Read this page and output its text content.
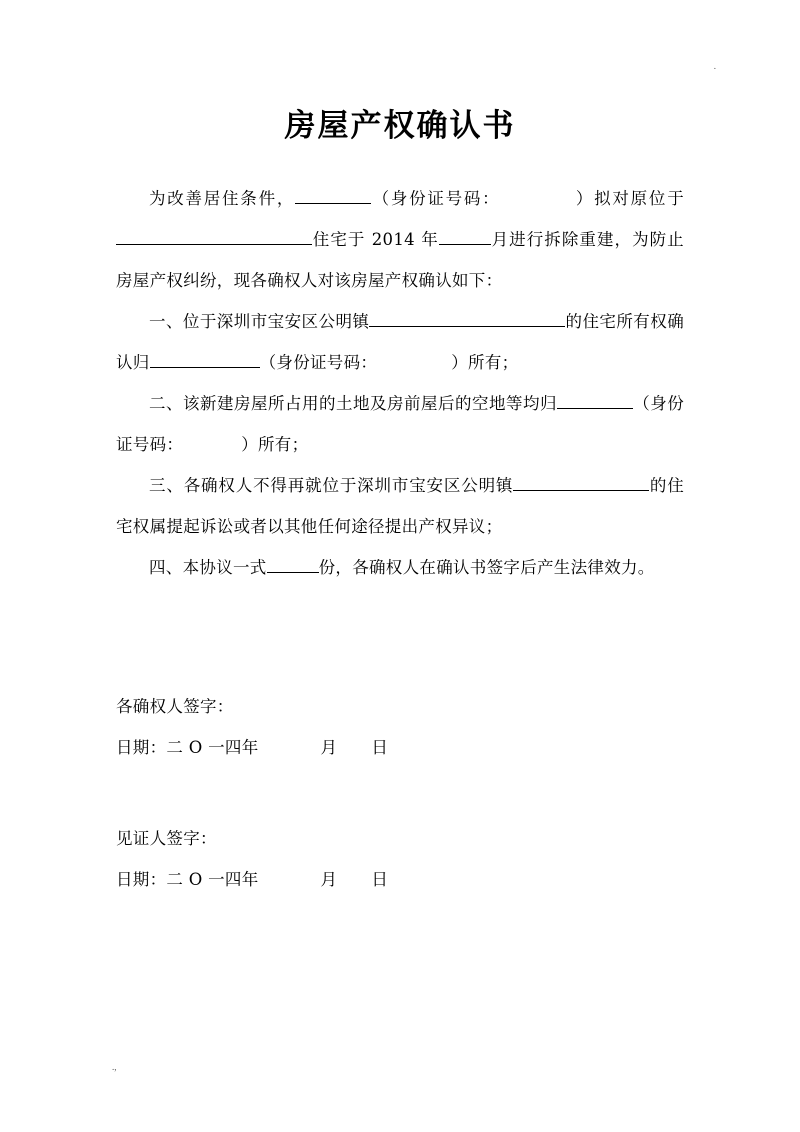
.
房屋产权确认书

为改善居住条件，	（身份证号码：	）拟对原位于住宅于 2014 年	月进行拆除重建，为防止房屋产权纠纷，现各确权人对该房屋产权确认如下：

一、位于深圳市宝安区公明镇	的住宅所有权确认归	（身份证号码：	）所有；

二、该新建房屋所占用的土地及房前屋后的空地等均归	（身份证号码：	）所有；

三、各确权人不得再就位于深圳市宝安区公明镇	的住宅权属提起诉讼或者以其他任何途径提出产权异议；

四、本协议一式	份，各确权人在确认书签字后产生法律效力。

各确权人签字：
日期：二 O 一四年	月 日
见证人签字：
日期：二 O 一四年	月 日
.,
